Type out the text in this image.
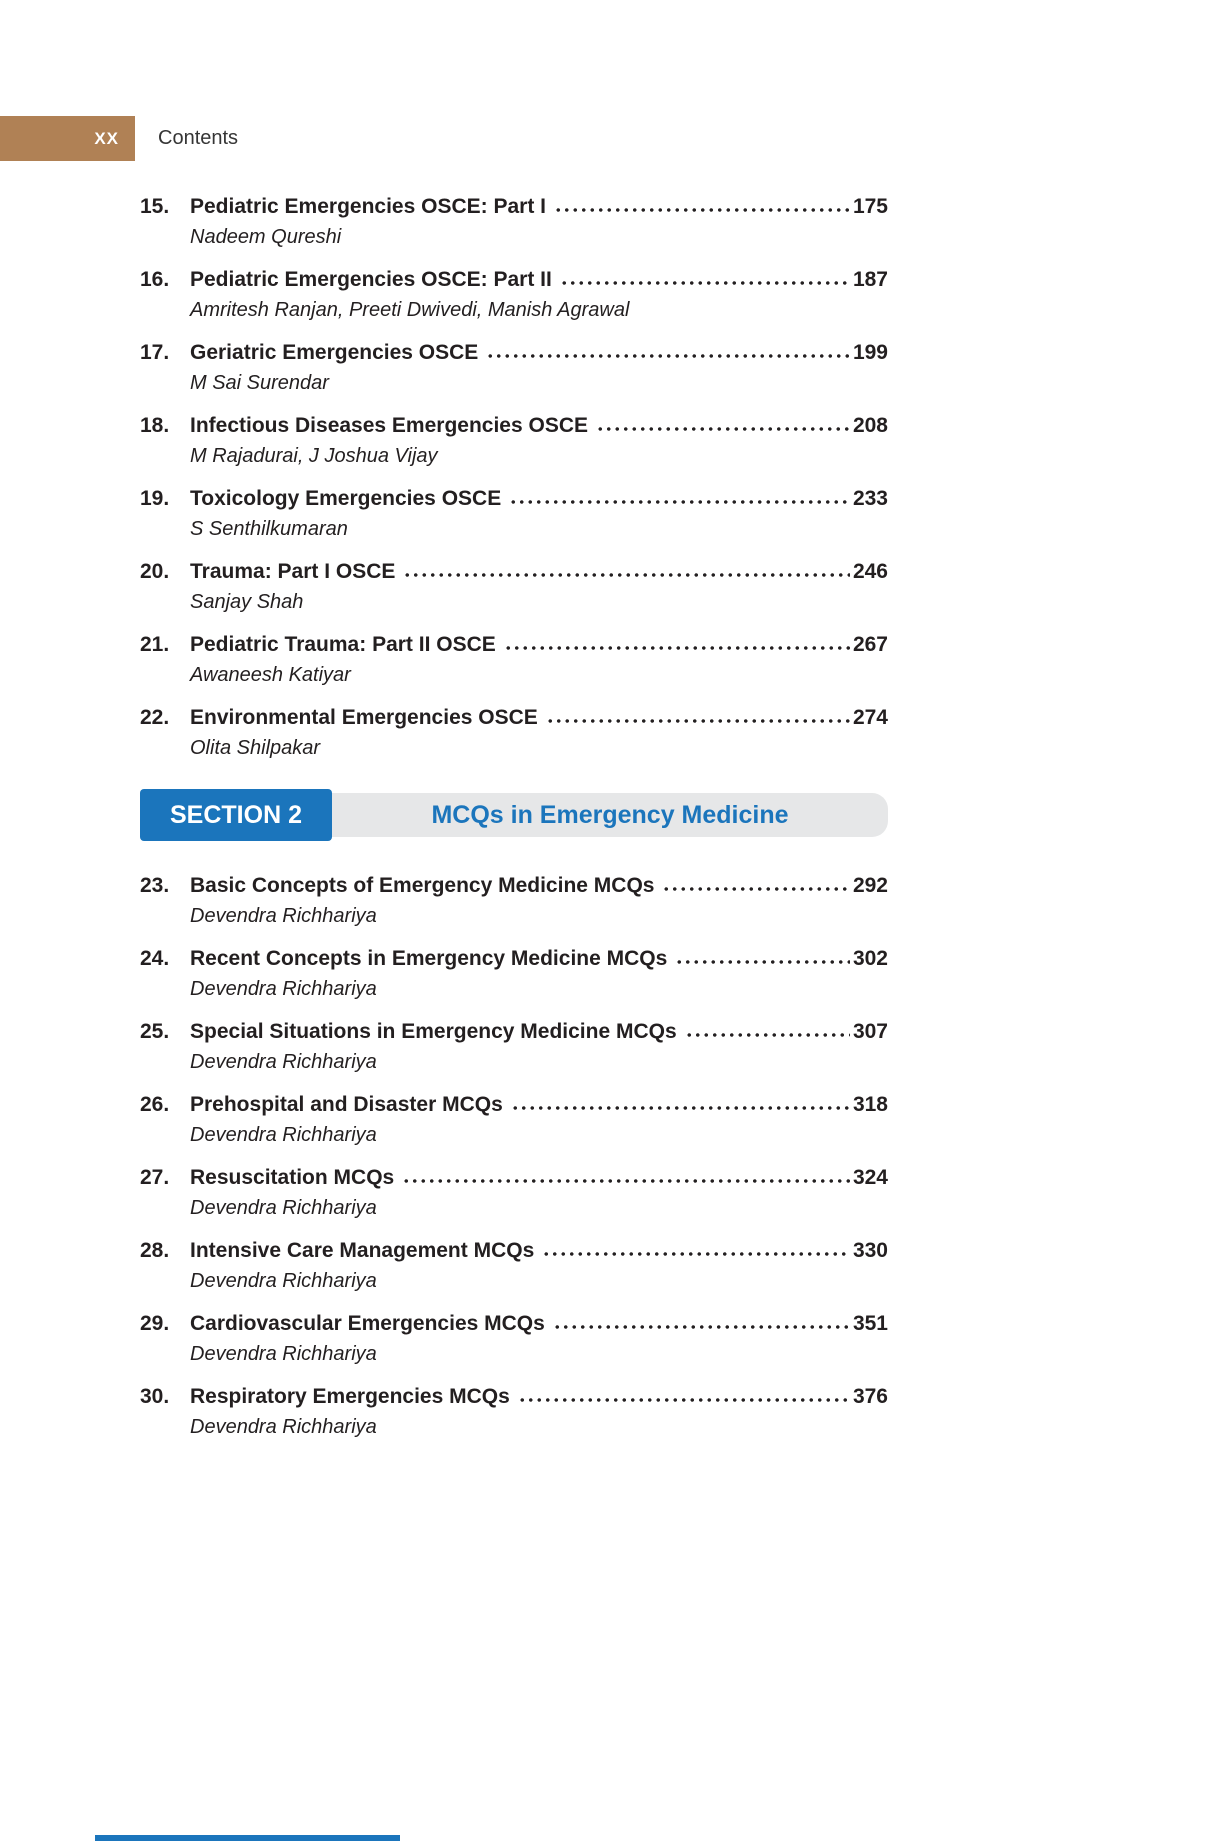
XX Contents
15. Pediatric Emergencies OSCE: Part I	175
Nadeem Qureshi
16. Pediatric Emergencies OSCE: Part II	187
Amritesh Ranjan, Preeti Dwivedi, Manish Agrawal
17. Geriatric Emergencies OSCE	199
M Sai Surendar
18. Infectious Diseases Emergencies OSCE	208
M Rajadurai, J Joshua Vijay
19. Toxicology Emergencies OSCE	233
S Senthilkumaran
20. Trauma: Part I OSCE	246
Sanjay Shah
21. Pediatric Trauma: Part II OSCE	267
Awaneesh Katiyar
22. Environmental Emergencies OSCE	274
Olita Shilpakar
SECTION 2	MCQs in Emergency Medicine
23. Basic Concepts of Emergency Medicine MCQs	292
Devendra Richhariya
24. Recent Concepts in Emergency Medicine MCQs	302
Devendra Richhariya
25. Special Situations in Emergency Medicine MCQs	307
Devendra Richhariya
26. Prehospital and Disaster MCQs	318
Devendra Richhariya
27. Resuscitation MCQs	324
Devendra Richhariya
28. Intensive Care Management MCQs	330
Devendra Richhariya
29. Cardiovascular Emergencies MCQs	351
Devendra Richhariya
30. Respiratory Emergencies MCQs	376
Devendra Richhariya
